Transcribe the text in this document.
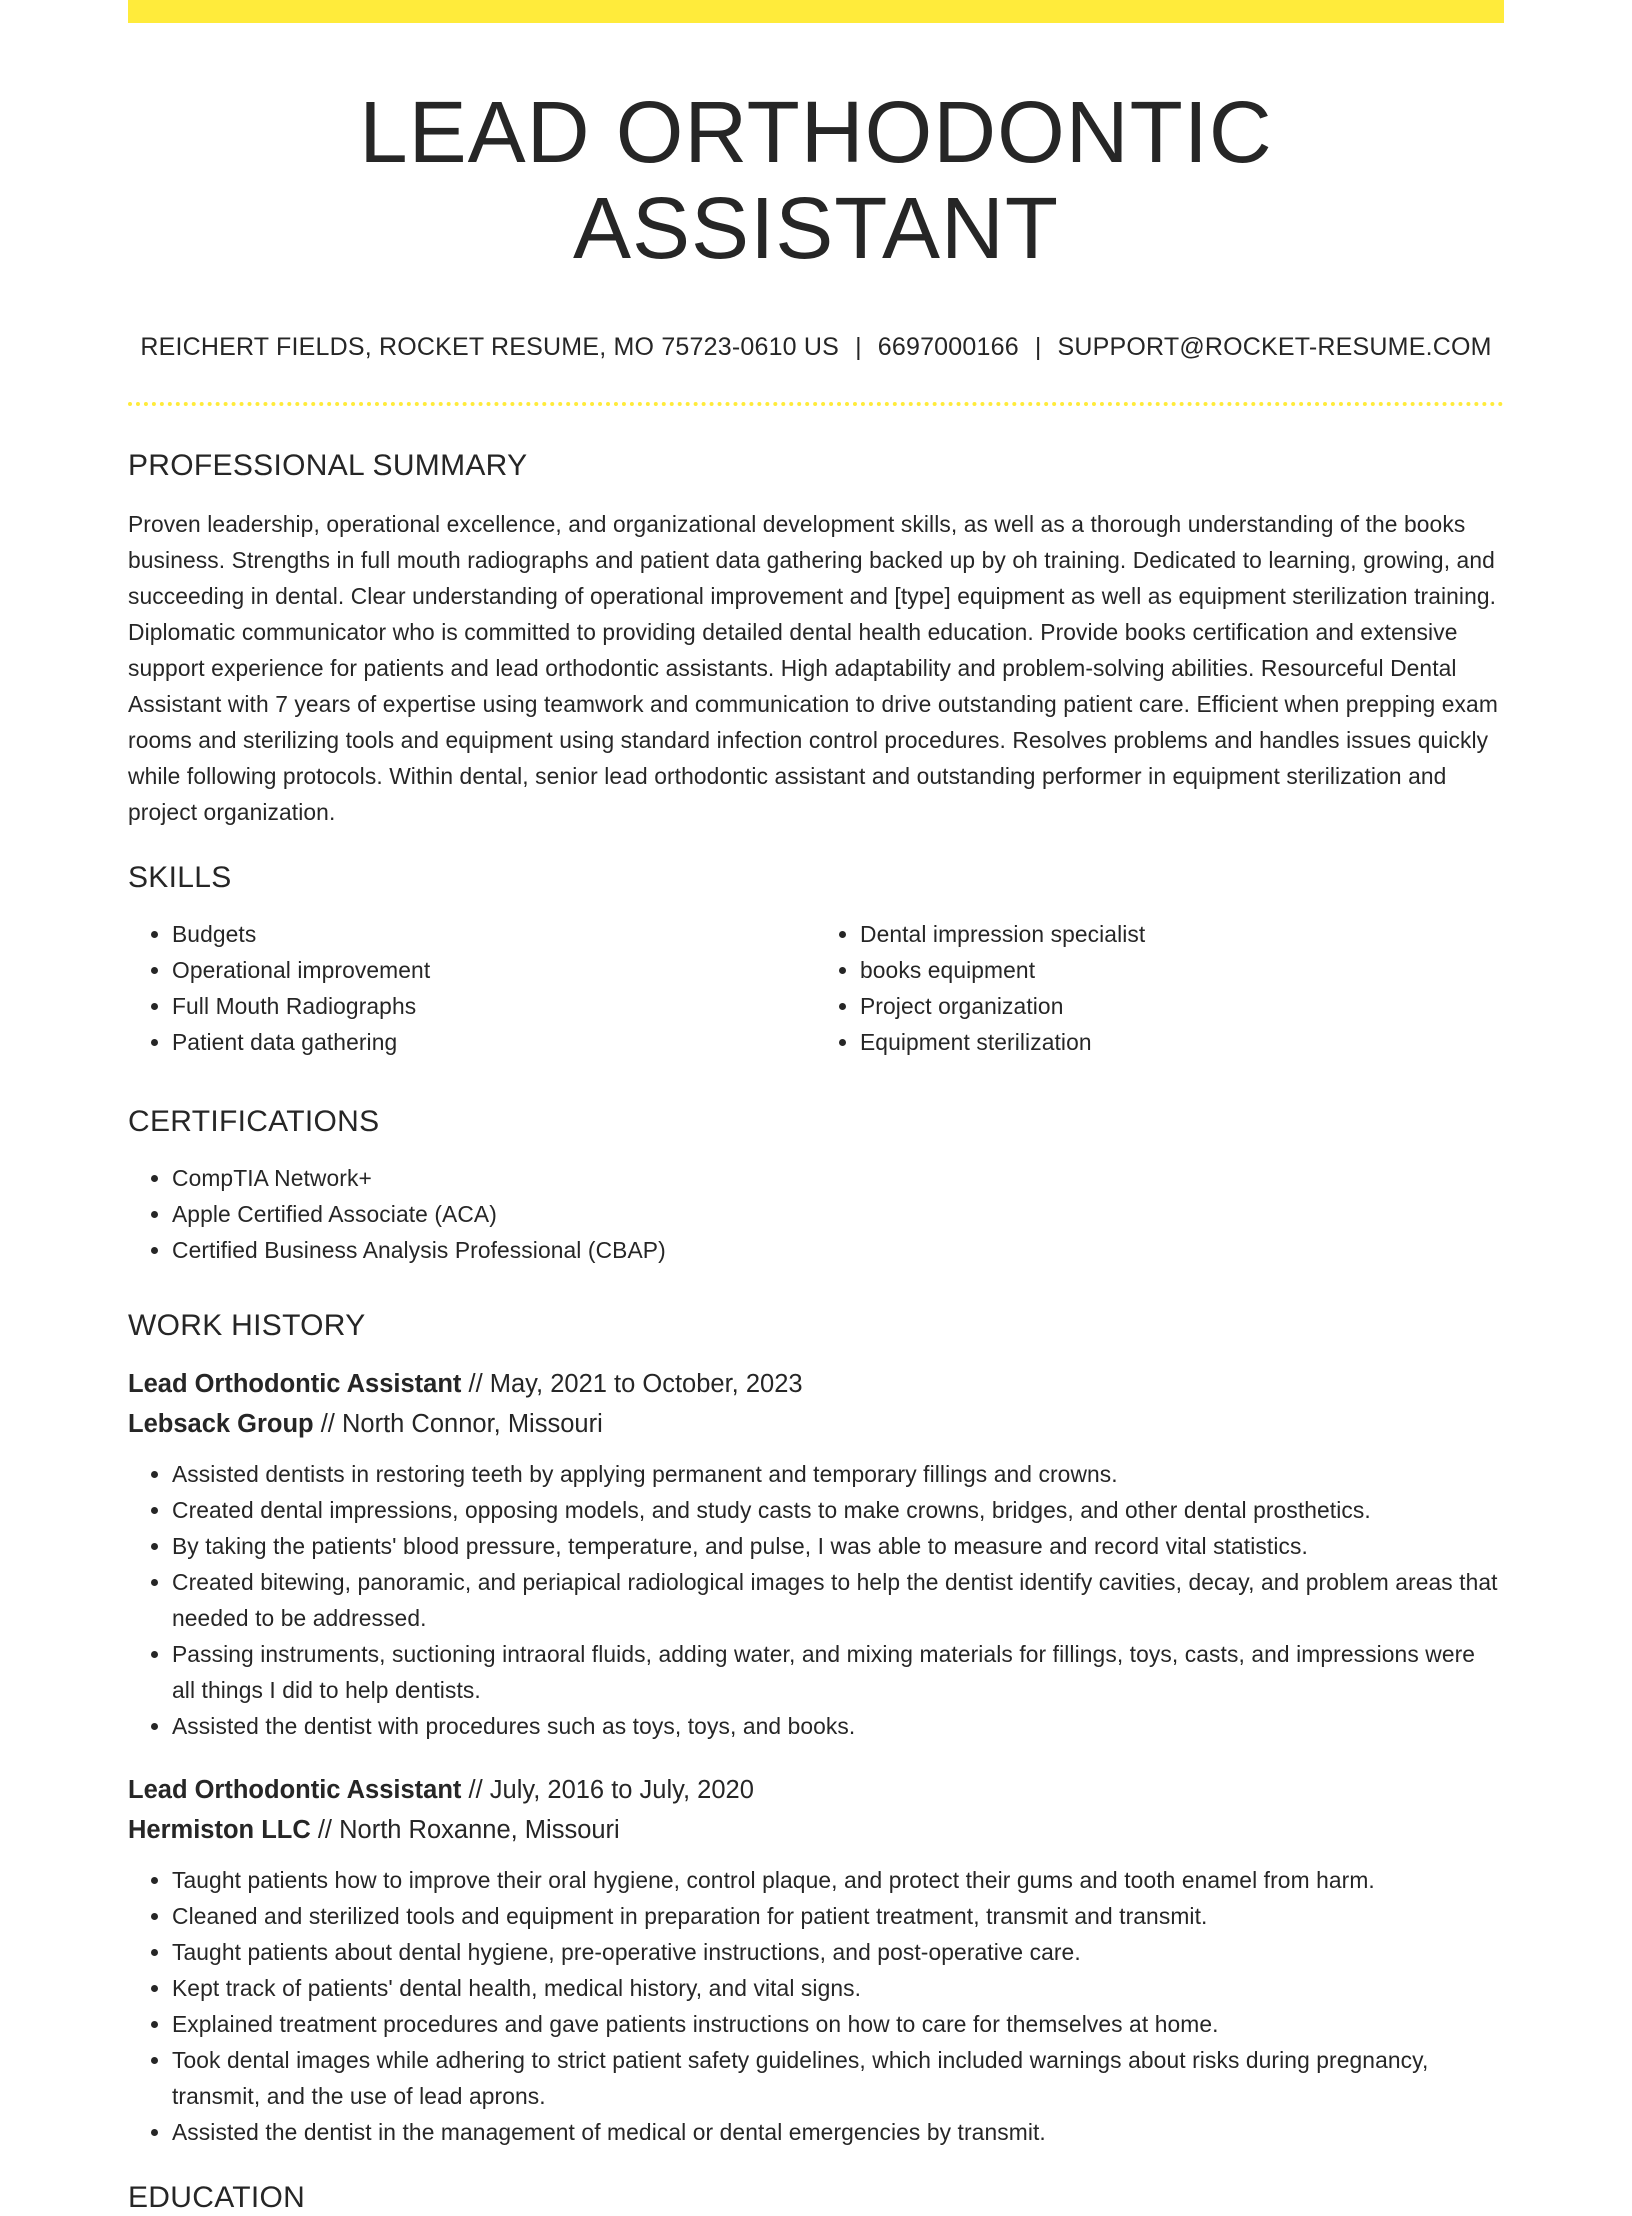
LEAD ORTHODONTIC ASSISTANT
REICHERT FIELDS, ROCKET RESUME, MO 75723-0610 US | 6697000166 | SUPPORT@ROCKET-RESUME.COM
PROFESSIONAL SUMMARY
Proven leadership, operational excellence, and organizational development skills, as well as a thorough understanding of the books business. Strengths in full mouth radiographs and patient data gathering backed up by oh training. Dedicated to learning, growing, and succeeding in dental. Clear understanding of operational improvement and [type] equipment as well as equipment sterilization training. Diplomatic communicator who is committed to providing detailed dental health education. Provide books certification and extensive support experience for patients and lead orthodontic assistants. High adaptability and problem-solving abilities. Resourceful Dental Assistant with 7 years of expertise using teamwork and communication to drive outstanding patient care. Efficient when prepping exam rooms and sterilizing tools and equipment using standard infection control procedures. Resolves problems and handles issues quickly while following protocols. Within dental, senior lead orthodontic assistant and outstanding performer in equipment sterilization and project organization.
SKILLS
• Budgets
• Operational improvement
• Full Mouth Radiographs
• Patient data gathering
• Dental impression specialist
• books equipment
• Project organization
• Equipment sterilization
CERTIFICATIONS
• CompTIA Network+
• Apple Certified Associate (ACA)
• Certified Business Analysis Professional (CBAP)
WORK HISTORY
Lead Orthodontic Assistant // May, 2021 to October, 2023
Lebsack Group // North Connor, Missouri
• Assisted dentists in restoring teeth by applying permanent and temporary fillings and crowns.
• Created dental impressions, opposing models, and study casts to make crowns, bridges, and other dental prosthetics.
• By taking the patients' blood pressure, temperature, and pulse, I was able to measure and record vital statistics.
• Created bitewing, panoramic, and periapical radiological images to help the dentist identify cavities, decay, and problem areas that needed to be addressed.
• Passing instruments, suctioning intraoral fluids, adding water, and mixing materials for fillings, toys, casts, and impressions were all things I did to help dentists.
• Assisted the dentist with procedures such as toys, toys, and books.
Lead Orthodontic Assistant // July, 2016 to July, 2020
Hermiston LLC // North Roxanne, Missouri
• Taught patients how to improve their oral hygiene, control plaque, and protect their gums and tooth enamel from harm.
• Cleaned and sterilized tools and equipment in preparation for patient treatment, transmit and transmit.
• Taught patients about dental hygiene, pre-operative instructions, and post-operative care.
• Kept track of patients' dental health, medical history, and vital signs.
• Explained treatment procedures and gave patients instructions on how to care for themselves at home.
• Took dental images while adhering to strict patient safety guidelines, which included warnings about risks during pregnancy, transmit, and the use of lead aprons.
• Assisted the dentist in the management of medical or dental emergencies by transmit.
EDUCATION
